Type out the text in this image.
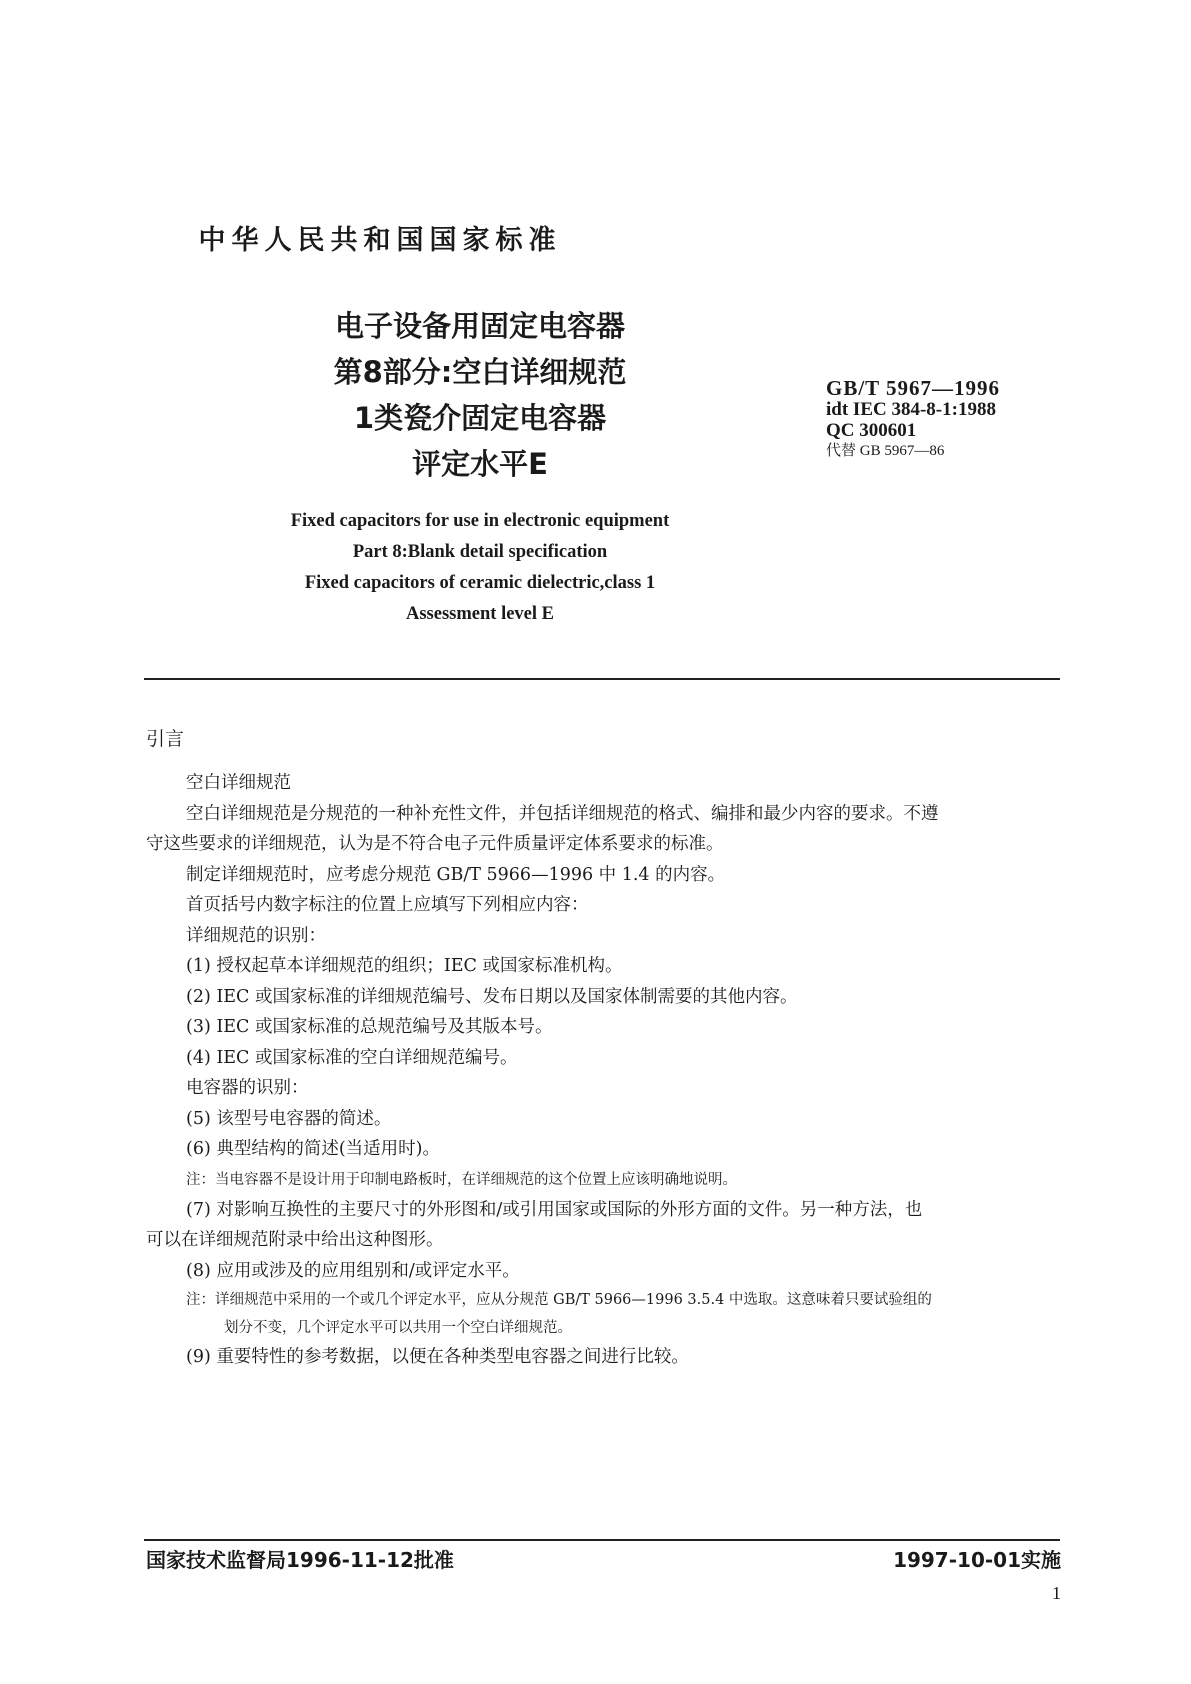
中华人民共和国国家标准
电子设备用固定电容器
第8部分:空白详细规范
1类瓷介固定电容器
评定水平E
GB/T 5967—1996
idt IEC 384-8-1:1988
QC 300601
代替 GB 5967—86
Fixed capacitors for use in electronic equipment
Part 8:Blank detail specification
Fixed capacitors of ceramic dielectric,class 1
Assessment level E
引言

空白详细规范

空白详细规范是分规范的一种补充性文件，并包括详细规范的格式、编排和最少内容的要求。不遵

守这些要求的详细规范，认为是不符合电子元件质量评定体系要求的标准。

制定详细规范时，应考虑分规范 GB/T 5966—1996 中 1.4 的内容。

首页括号内数字标注的位置上应填写下列相应内容：

详细规范的识别：

(1) 授权起草本详细规范的组织；IEC 或国家标准机构。

(2) IEC 或国家标准的详细规范编号、发布日期以及国家体制需要的其他内容。

(3) IEC 或国家标准的总规范编号及其版本号。

(4) IEC 或国家标准的空白详细规范编号。

电容器的识别：

(5) 该型号电容器的简述。

(6) 典型结构的简述(当适用时)。

注：当电容器不是设计用于印制电路板时，在详细规范的这个位置上应该明确地说明。

(7) 对影响互换性的主要尺寸的外形图和/或引用国家或国际的外形方面的文件。另一种方法，也

可以在详细规范附录中给出这种图形。

(8) 应用或涉及的应用组别和/或评定水平。

注：详细规范中采用的一个或几个评定水平，应从分规范 GB/T 5966—1996 3.5.4 中选取。这意味着只要试验组的
划分不变，几个评定水平可以共用一个空白详细规范。

(9) 重要特性的参考数据，以便在各种类型电容器之间进行比较。

国家技术监督局1996-11-12批准	1997-10-01实施
1
